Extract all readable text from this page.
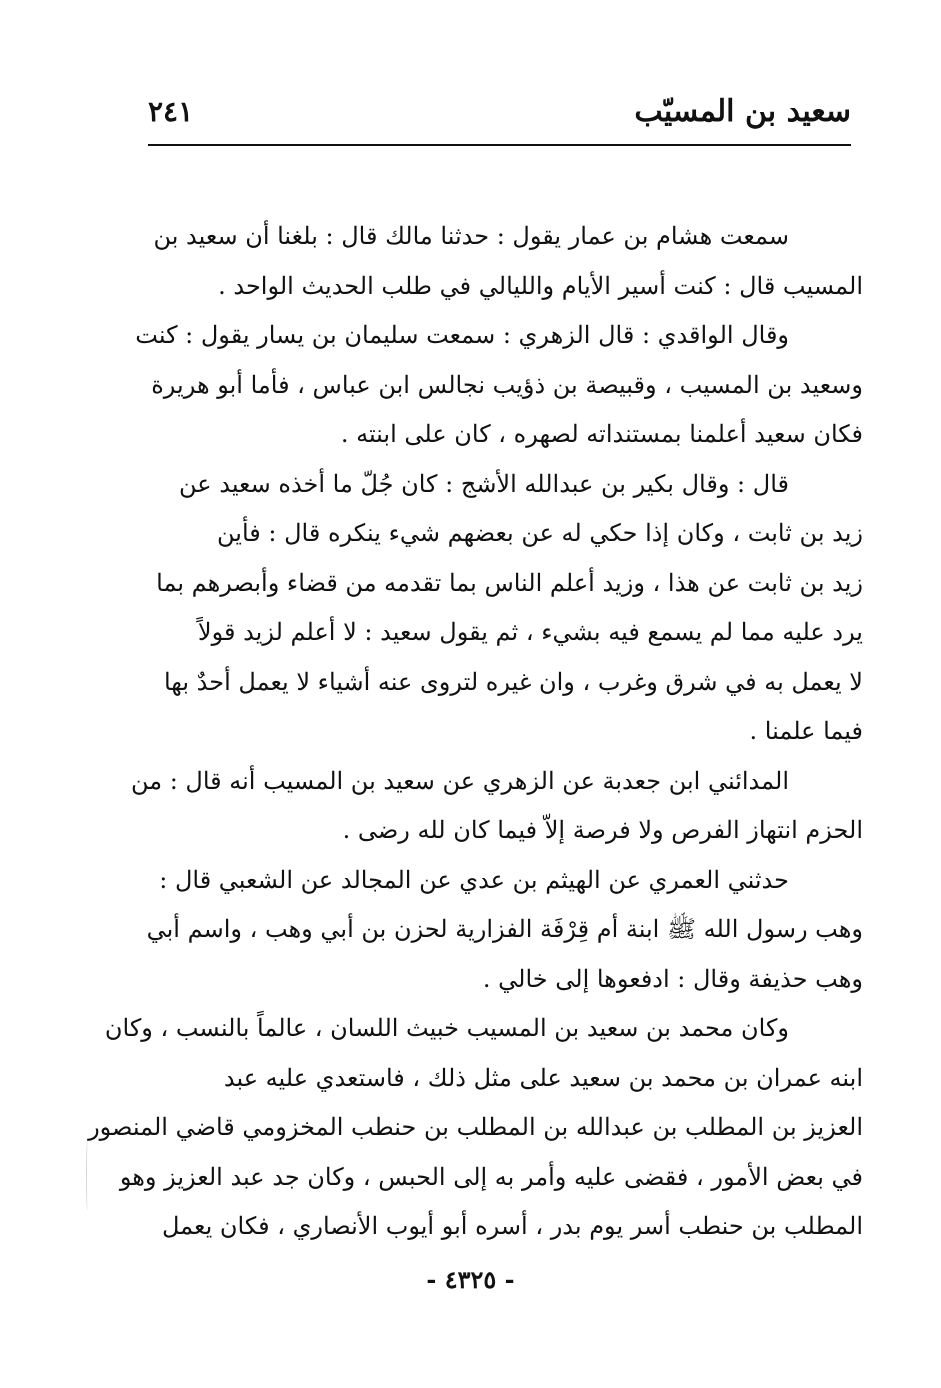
سعيد بن المسيّب
٢٤١
سمعت هشام بن عمار يقول : حدثنا مالك قال : بلغنا أن سعيد بن
المسيب قال : كنت أسير الأيام والليالي في طلب الحديث الواحد .
وقال الواقدي : قال الزهري : سمعت سليمان بن يسار يقول : كنت
وسعيد بن المسيب ، وقبيصة بن ذؤيب نجالس ابن عباس ، فأما أبو هريرة
فكان سعيد أعلمنا بمستنداته لصهره ، كان على ابنته .
قال : وقال بكير بن عبدالله الأشج : كان جُلّ ما أخذه سعيد عن
زيد بن ثابت ، وكان إذا حكي له عن بعضهم شيء ينكره قال : فأين
زيد بن ثابت عن هذا ، وزيد أعلم الناس بما تقدمه من قضاء وأبصرهم بما
يرد عليه مما لم يسمع فيه بشيء ، ثم يقول سعيد : لا أعلم لزيد قولاً
لا يعمل به في شرق وغرب ، وان غيره لتروى عنه أشياء لا يعمل أحدٌ بها
فيما علمنا .
المدائني ابن جعدبة عن الزهري عن سعيد بن المسيب أنه قال : من
الحزم انتهاز الفرص ولا فرصة إلاّ فيما كان لله رضى .
حدثني العمري عن الهيثم بن عدي عن المجالد عن الشعبي قال :
وهب رسول الله ﷺ ابنة أم قِرْفَة الفزارية لحزن بن أبي وهب ، واسم أبي
وهب حذيفة وقال : ادفعوها إلى خالي .
وكان محمد بن سعيد بن المسيب خبيث اللسان ، عالماً بالنسب ، وكان
ابنه عمران بن محمد بن سعيد على مثل ذلك ، فاستعدي عليه عبد
العزيز بن المطلب بن عبدالله بن المطلب بن حنطب المخزومي قاضي المنصور
في بعض الأمور ، فقضى عليه وأمر به إلى الحبس ، وكان جد عبد العزيز وهو
المطلب بن حنطب أسر يوم بدر ، أسره أبو أيوب الأنصاري ، فكان يعمل
- ٤٣٢٥ -
